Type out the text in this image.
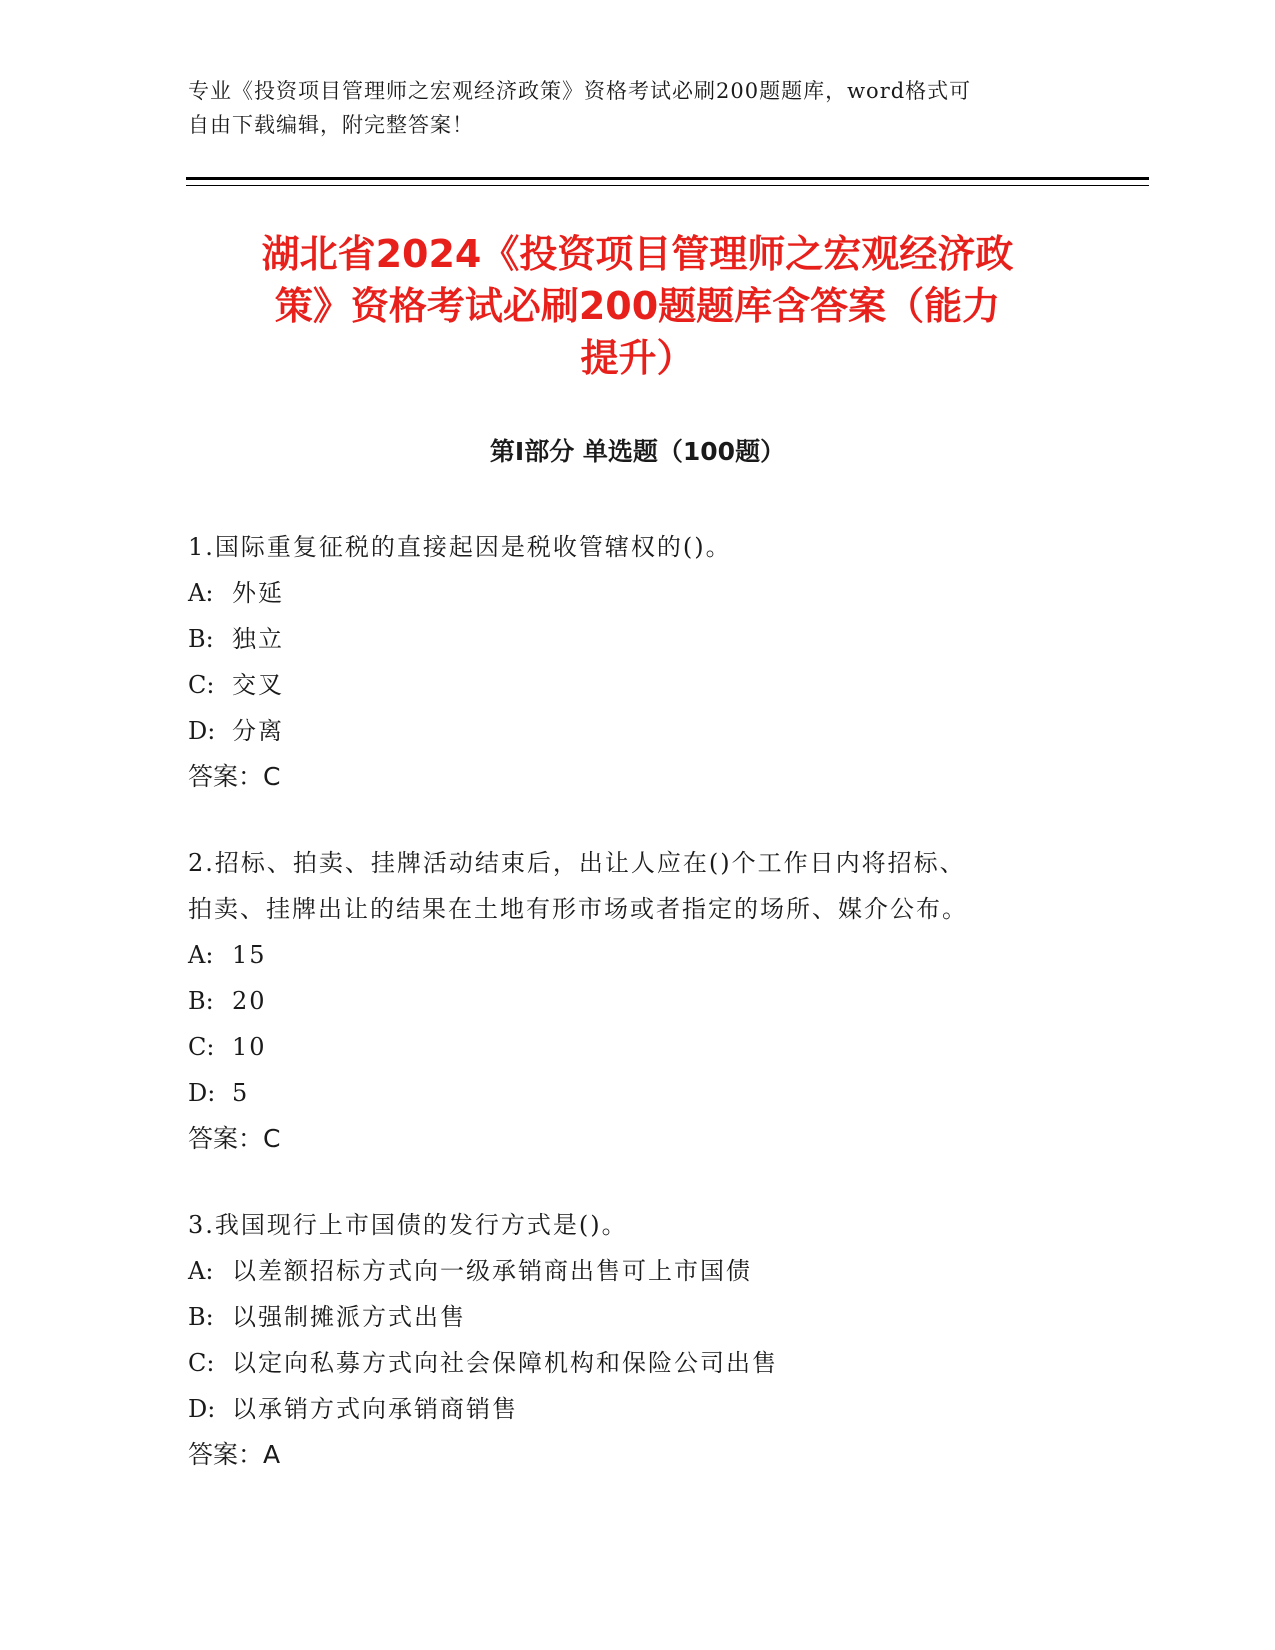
专业《投资项目管理师之宏观经济政策》资格考试必刷200题题库，word格式可
自由下载编辑，附完整答案！
湖北省2024《投资项目管理师之宏观经济政
策》资格考试必刷200题题库含答案（能力
提升）
第I部分 单选题（100题）
1.国际重复征税的直接起因是税收管辖权的()。
A: 外延
B: 独立
C: 交叉
D: 分离
答案：C
2.招标、拍卖、挂牌活动结束后，出让人应在()个工作日内将招标、
拍卖、挂牌出让的结果在土地有形市场或者指定的场所、媒介公布。
A: 15
B: 20
C: 10
D: 5
答案：C
3.我国现行上市国债的发行方式是()。
A: 以差额招标方式向一级承销商出售可上市国债
B: 以强制摊派方式出售
C: 以定向私募方式向社会保障机构和保险公司出售
D: 以承销方式向承销商销售
答案：A
